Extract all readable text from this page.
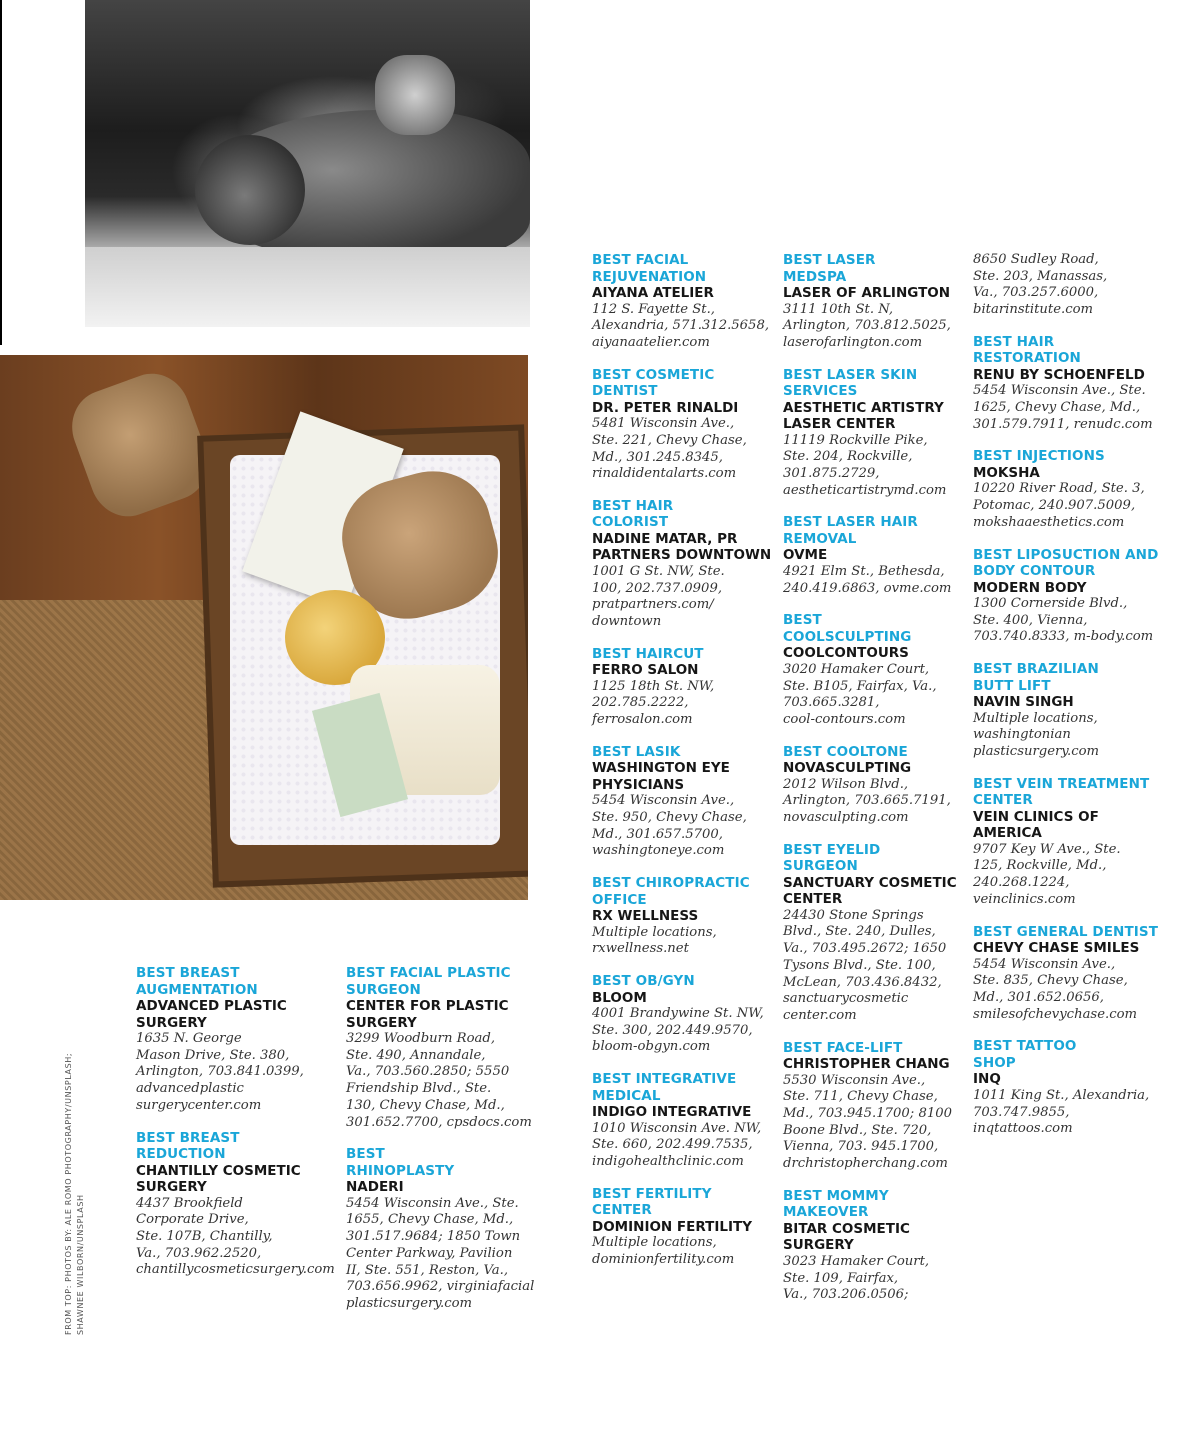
FROM TOP: PHOTOS BY: ALE ROMO PHOTOGRAPHY/UNSPLASH; SHAWNEE WILBORN/UNSPLASH
BEST BREAST
AUGMENTATION
ADVANCED PLASTIC
SURGERY
1635 N. George
Mason Drive, Ste. 380,
Arlington, 703.841.0399,
advancedplastic
surgerycenter.com
BEST BREAST
REDUCTION
CHANTILLY COSMETIC
SURGERY
4437 Brookfield
Corporate Drive,
Ste. 107B, Chantilly,
Va., 703.962.2520,
chantillycosmeticsurgery.com
BEST FACIAL PLASTIC
SURGEON
CENTER FOR PLASTIC
SURGERY
3299 Woodburn Road,
Ste. 490, Annandale,
Va., 703.560.2850; 5550
Friendship Blvd., Ste.
130, Chevy Chase, Md.,
301.652.7700, cpsdocs.com
BEST
RHINOPLASTY
NADERI
5454 Wisconsin Ave., Ste.
1655, Chevy Chase, Md.,
301.517.9684; 1850 Town
Center Parkway, Pavilion
II, Ste. 551, Reston, Va.,
703.656.9962, virginiafacial
plasticsurgery.com
BEST FACIAL
REJUVENATION
AIYANA ATELIER
112 S. Fayette St.,
Alexandria, 571.312.5658,
aiyanaatelier.com
BEST COSMETIC DENTIST
DR. PETER RINALDI
5481 Wisconsin Ave.,
Ste. 221, Chevy Chase,
Md., 301.245.8345,
rinaldidentalarts.com
BEST HAIR
COLORIST
NADINE MATAR, PR
PARTNERS DOWNTOWN
1001 G St. NW, Ste.
100, 202.737.0909,
pratpartners.com/
downtown
BEST HAIRCUT
FERRO SALON
1125 18th St. NW,
202.785.2222,
ferrosalon.com
BEST LASIK
WASHINGTON EYE
PHYSICIANS
5454 Wisconsin Ave.,
Ste. 950, Chevy Chase,
Md., 301.657.5700,
washingtoneye.com
BEST CHIROPRACTIC
OFFICE
RX WELLNESS
Multiple locations,
rxwellness.net
BEST OB/GYN
BLOOM
4001 Brandywine St. NW,
Ste. 300, 202.449.9570,
bloom-obgyn.com
BEST INTEGRATIVE
MEDICAL
INDIGO INTEGRATIVE
1010 Wisconsin Ave. NW,
Ste. 660, 202.499.7535,
indigohealthclinic.com
BEST FERTILITY
CENTER
DOMINION FERTILITY
Multiple locations,
dominionfertility.com
BEST LASER
MEDSPA
LASER OF ARLINGTON
3111 10th St. N,
Arlington, 703.812.5025,
laserofarlington.com
BEST LASER SKIN
SERVICES
AESTHETIC ARTISTRY
LASER CENTER
11119 Rockville Pike,
Ste. 204, Rockville,
301.875.2729,
aestheticartistrymd.com
BEST LASER HAIR
REMOVAL
OVME
4921 Elm St., Bethesda,
240.419.6863, ovme.com
BEST
COOLSCULPTING
COOLCONTOURS
3020 Hamaker Court,
Ste. B105, Fairfax, Va.,
703.665.3281,
cool-contours.com
BEST COOLTONE
NOVASCULPTING
2012 Wilson Blvd.,
Arlington, 703.665.7191,
novasculpting.com
BEST EYELID
SURGEON
SANCTUARY COSMETIC
CENTER
24430 Stone Springs
Blvd., Ste. 240, Dulles,
Va., 703.495.2672; 1650
Tysons Blvd., Ste. 100,
McLean, 703.436.8432,
sanctuarycosmetic
center.com
BEST FACE-LIFT
CHRISTOPHER CHANG
5530 Wisconsin Ave.,
Ste. 711, Chevy Chase,
Md., 703.945.1700; 8100
Boone Blvd., Ste. 720,
Vienna, 703. 945.1700,
drchristopherchang.com
BEST MOMMY
MAKEOVER
BITAR COSMETIC
SURGERY
3023 Hamaker Court,
Ste. 109, Fairfax,
Va., 703.206.0506;
8650 Sudley Road,
Ste. 203, Manassas,
Va., 703.257.6000,
bitarinstitute.com
BEST HAIR
RESTORATION
RENU BY SCHOENFELD
5454 Wisconsin Ave., Ste.
1625, Chevy Chase, Md.,
301.579.7911, renudc.com
BEST INJECTIONS
MOKSHA
10220 River Road, Ste. 3,
Potomac, 240.907.5009,
mokshaaesthetics.com
BEST LIPOSUCTION AND
BODY CONTOUR
MODERN BODY
1300 Cornerside Blvd.,
Ste. 400, Vienna,
703.740.8333, m-body.com
BEST BRAZILIAN
BUTT LIFT
NAVIN SINGH
Multiple locations,
washingtonian
plasticsurgery.com
BEST VEIN TREATMENT
CENTER
VEIN CLINICS OF
AMERICA
9707 Key W Ave., Ste.
125, Rockville, Md.,
240.268.1224,
veinclinics.com
BEST GENERAL DENTIST
CHEVY CHASE SMILES
5454 Wisconsin Ave.,
Ste. 835, Chevy Chase,
Md., 301.652.0656,
smilesofchevychase.com
BEST TATTOO
SHOP
INQ
1011 King St., Alexandria,
703.747.9855,
inqtattoos.com
